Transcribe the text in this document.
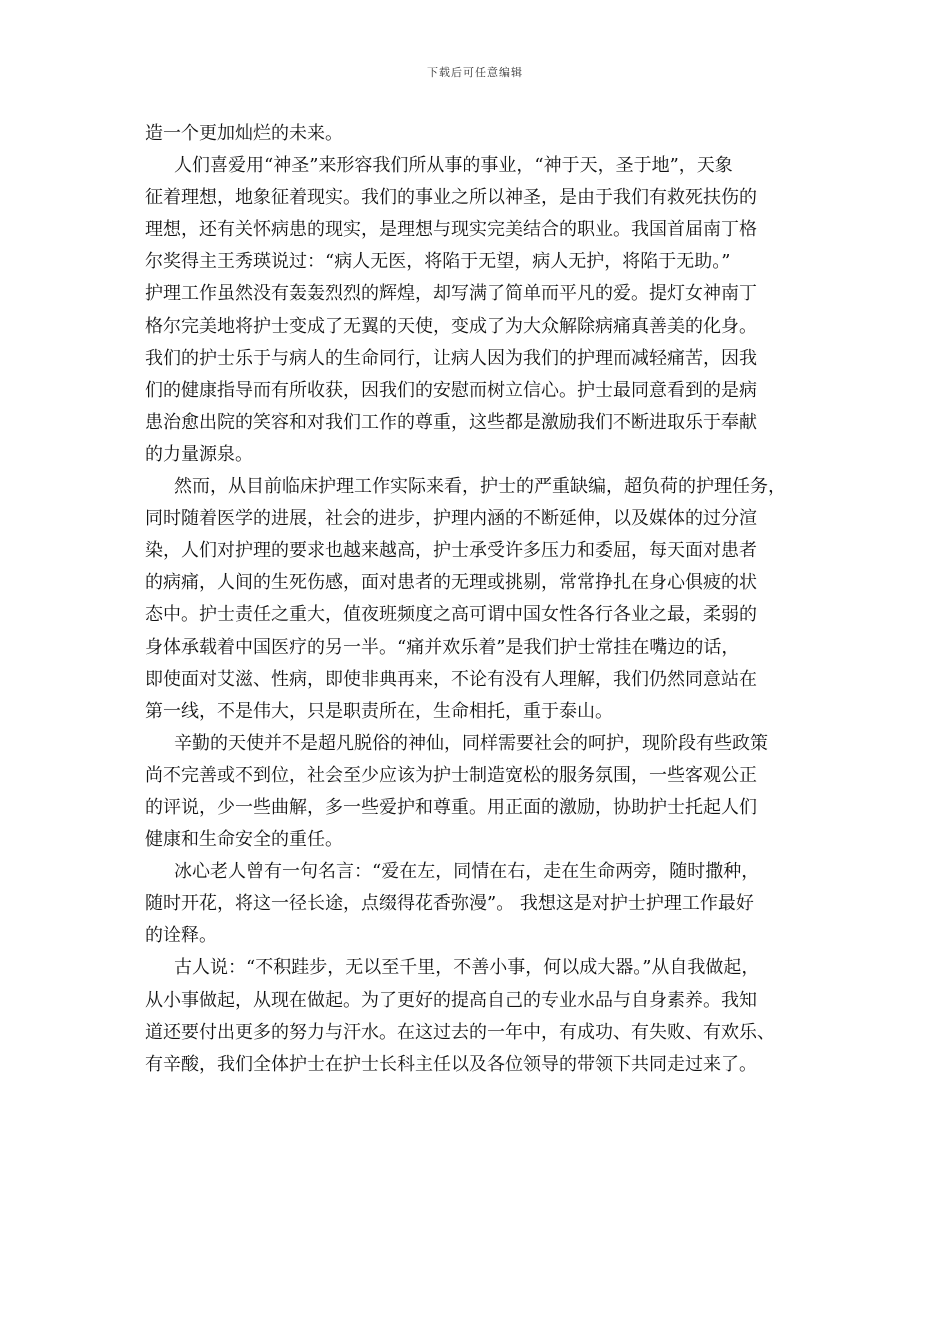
下载后可任意编辑

造一个更加灿烂的未来。

人们喜爱用“神圣”来形容我们所从事的事业，“神于天，圣于地”，天象
征着理想，地象征着现实。我们的事业之所以神圣，是由于我们有救死扶伤的
理想，还有关怀病患的现实，是理想与现实完美结合的职业。我国首届南丁格
尔奖得主王秀瑛说过：“病人无医，将陷于无望，病人无护，将陷于无助。”
护理工作虽然没有轰轰烈烈的辉煌，却写满了简单而平凡的爱。提灯女神南丁
格尔完美地将护士变成了无翼的天使，变成了为大众解除病痛真善美的化身。
我们的护士乐于与病人的生命同行，让病人因为我们的护理而减轻痛苦，因我
们的健康指导而有所收获，因我们的安慰而树立信心。护士最同意看到的是病
患治愈出院的笑容和对我们工作的尊重，这些都是激励我们不断进取乐于奉献
的力量源泉。

然而，从目前临床护理工作实际来看，护士的严重缺编，超负荷的护理任务，
同时随着医学的进展，社会的进步，护理内涵的不断延伸，以及媒体的过分渲
染，人们对护理的要求也越来越高，护士承受许多压力和委屈，每天面对患者
的病痛，人间的生死伤感，面对患者的无理或挑剔，常常挣扎在身心俱疲的状
态中。护士责任之重大，值夜班频度之高可谓中国女性各行各业之最，柔弱的
身体承载着中国医疗的另一半。“痛并欢乐着”是我们护士常挂在嘴边的话，
即使面对艾滋、性病，即使非典再来，不论有没有人理解，我们仍然同意站在
第一线，不是伟大，只是职责所在，生命相托，重于泰山。

辛勤的天使并不是超凡脱俗的神仙，同样需要社会的呵护，现阶段有些政策
尚不完善或不到位，社会至少应该为护士制造宽松的服务氛围，一些客观公正
的评说，少一些曲解，多一些爱护和尊重。用正面的激励，协助护士托起人们
健康和生命安全的重任。

冰心老人曾有一句名言：“爱在左，同情在右，走在生命两旁，随时撒种，
随时开花，将这一径长途，点缀得花香弥漫”。 我想这是对护士护理工作最好
的诠释。

古人说：“不积跬步，无以至千里，不善小事，何以成大器。”从自我做起，
从小事做起，从现在做起。为了更好的提高自己的专业水品与自身素养。我知
道还要付出更多的努力与汗水。在这过去的一年中，有成功、有失败、有欢乐、
有辛酸，我们全体护士在护士长科主任以及各位领导的带领下共同走过来了。
